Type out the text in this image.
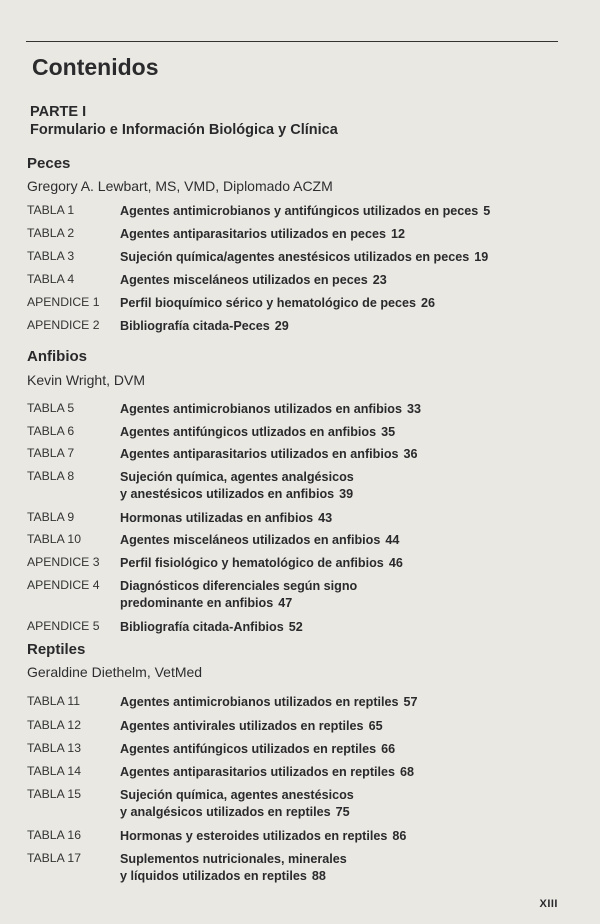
Contenidos
PARTE I
Formulario e Información Biológica y Clínica
Peces
Gregory A. Lewbart, MS, VMD, Diplomado ACZM
TABLA 1	Agentes antimicrobianos y antifúngicos utilizados en peces 5
TABLA 2	Agentes antiparasitarios utilizados en peces 12
TABLA 3	Sujeción química/agentes anestésicos utilizados en peces 19
TABLA 4	Agentes misceláneos utilizados en peces 23
APENDICE 1 Perfil bioquímico sérico y hematológico de peces 26
APENDICE 2 Bibliografía citada-Peces 29
Anfibios
Kevin Wright, DVM
TABLA 5	Agentes antimicrobianos utilizados en anfibios 33
TABLA 6	Agentes antifúngicos utlizados en anfibios 35
TABLA 7	Agentes antiparasitarios utilizados en anfibios 36
TABLA 8	Sujeción química, agentes analgésicos
y anestésicos utilizados en anfibios 39
TABLA 9	Hormonas utilizadas en anfibios 43
TABLA 10	Agentes misceláneos utilizados en anfibios 44
APENDICE 3 Perfil fisiológico y hematológico de anfibios 46
APENDICE 4 Diagnósticos diferenciales según signo
predominante en anfibios 47
APENDICE 5 Bibliografía citada-Anfibios 52
Reptiles
Geraldine Diethelm, VetMed
TABLA 11	Agentes antimicrobianos utilizados en reptiles 57
TABLA 12	Agentes antivirales utilizados en reptiles 65
TABLA 13	Agentes antifúngicos utilizados en reptiles 66
TABLA 14	Agentes antiparasitarios utilizados en reptiles 68
TABLA 15	Sujeción química, agentes anestésicos
y analgésicos utilizados en reptiles 75
TABLA 16	Hormonas y esteroides utilizados en reptiles 86
TABLA 17	Suplementos nutricionales, minerales
y líquidos utilizados en reptiles 88
XIII
